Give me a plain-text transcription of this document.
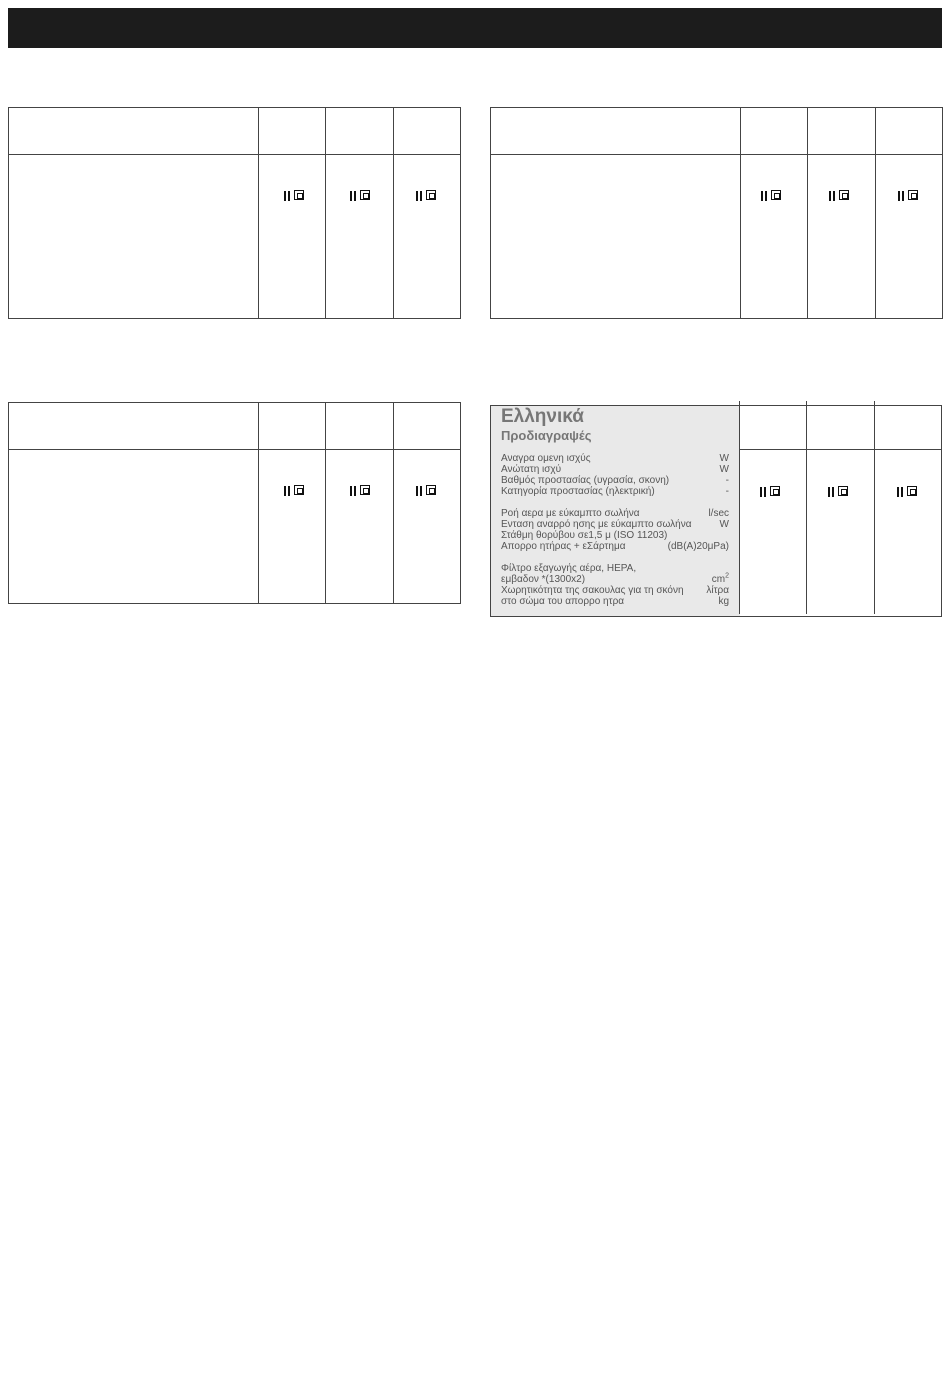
Ελληνικά
Προδιαγραψές
Αναγρα ομενη ισχύς	W
Ανώτατη ισχύ	W
Βαθμός προστασίας (υγρασία, σκονη)	-
Κατηγορία προστασίας (ηλεκτρική)	-
Ροή αερα με εύκαμπτο σωλήνα	l/sec
Ενταση αναρρό ησης με εύκαμπτο σωλήνα	W
Στάθμη θορύβου σε1,5 μ (ISO 11203)
Απορρο ητήρας + εΣάρτημα	(dB(A)20μPa)
Φίλτρο εξαγωγής αέρα, HEPA,
εμβαδον *(1300x2)	$cm^2$
Χωρητικότητα της σακουλας για τη σκόνη λίτρα
στο σώμα του απορρο ητρα	kg
